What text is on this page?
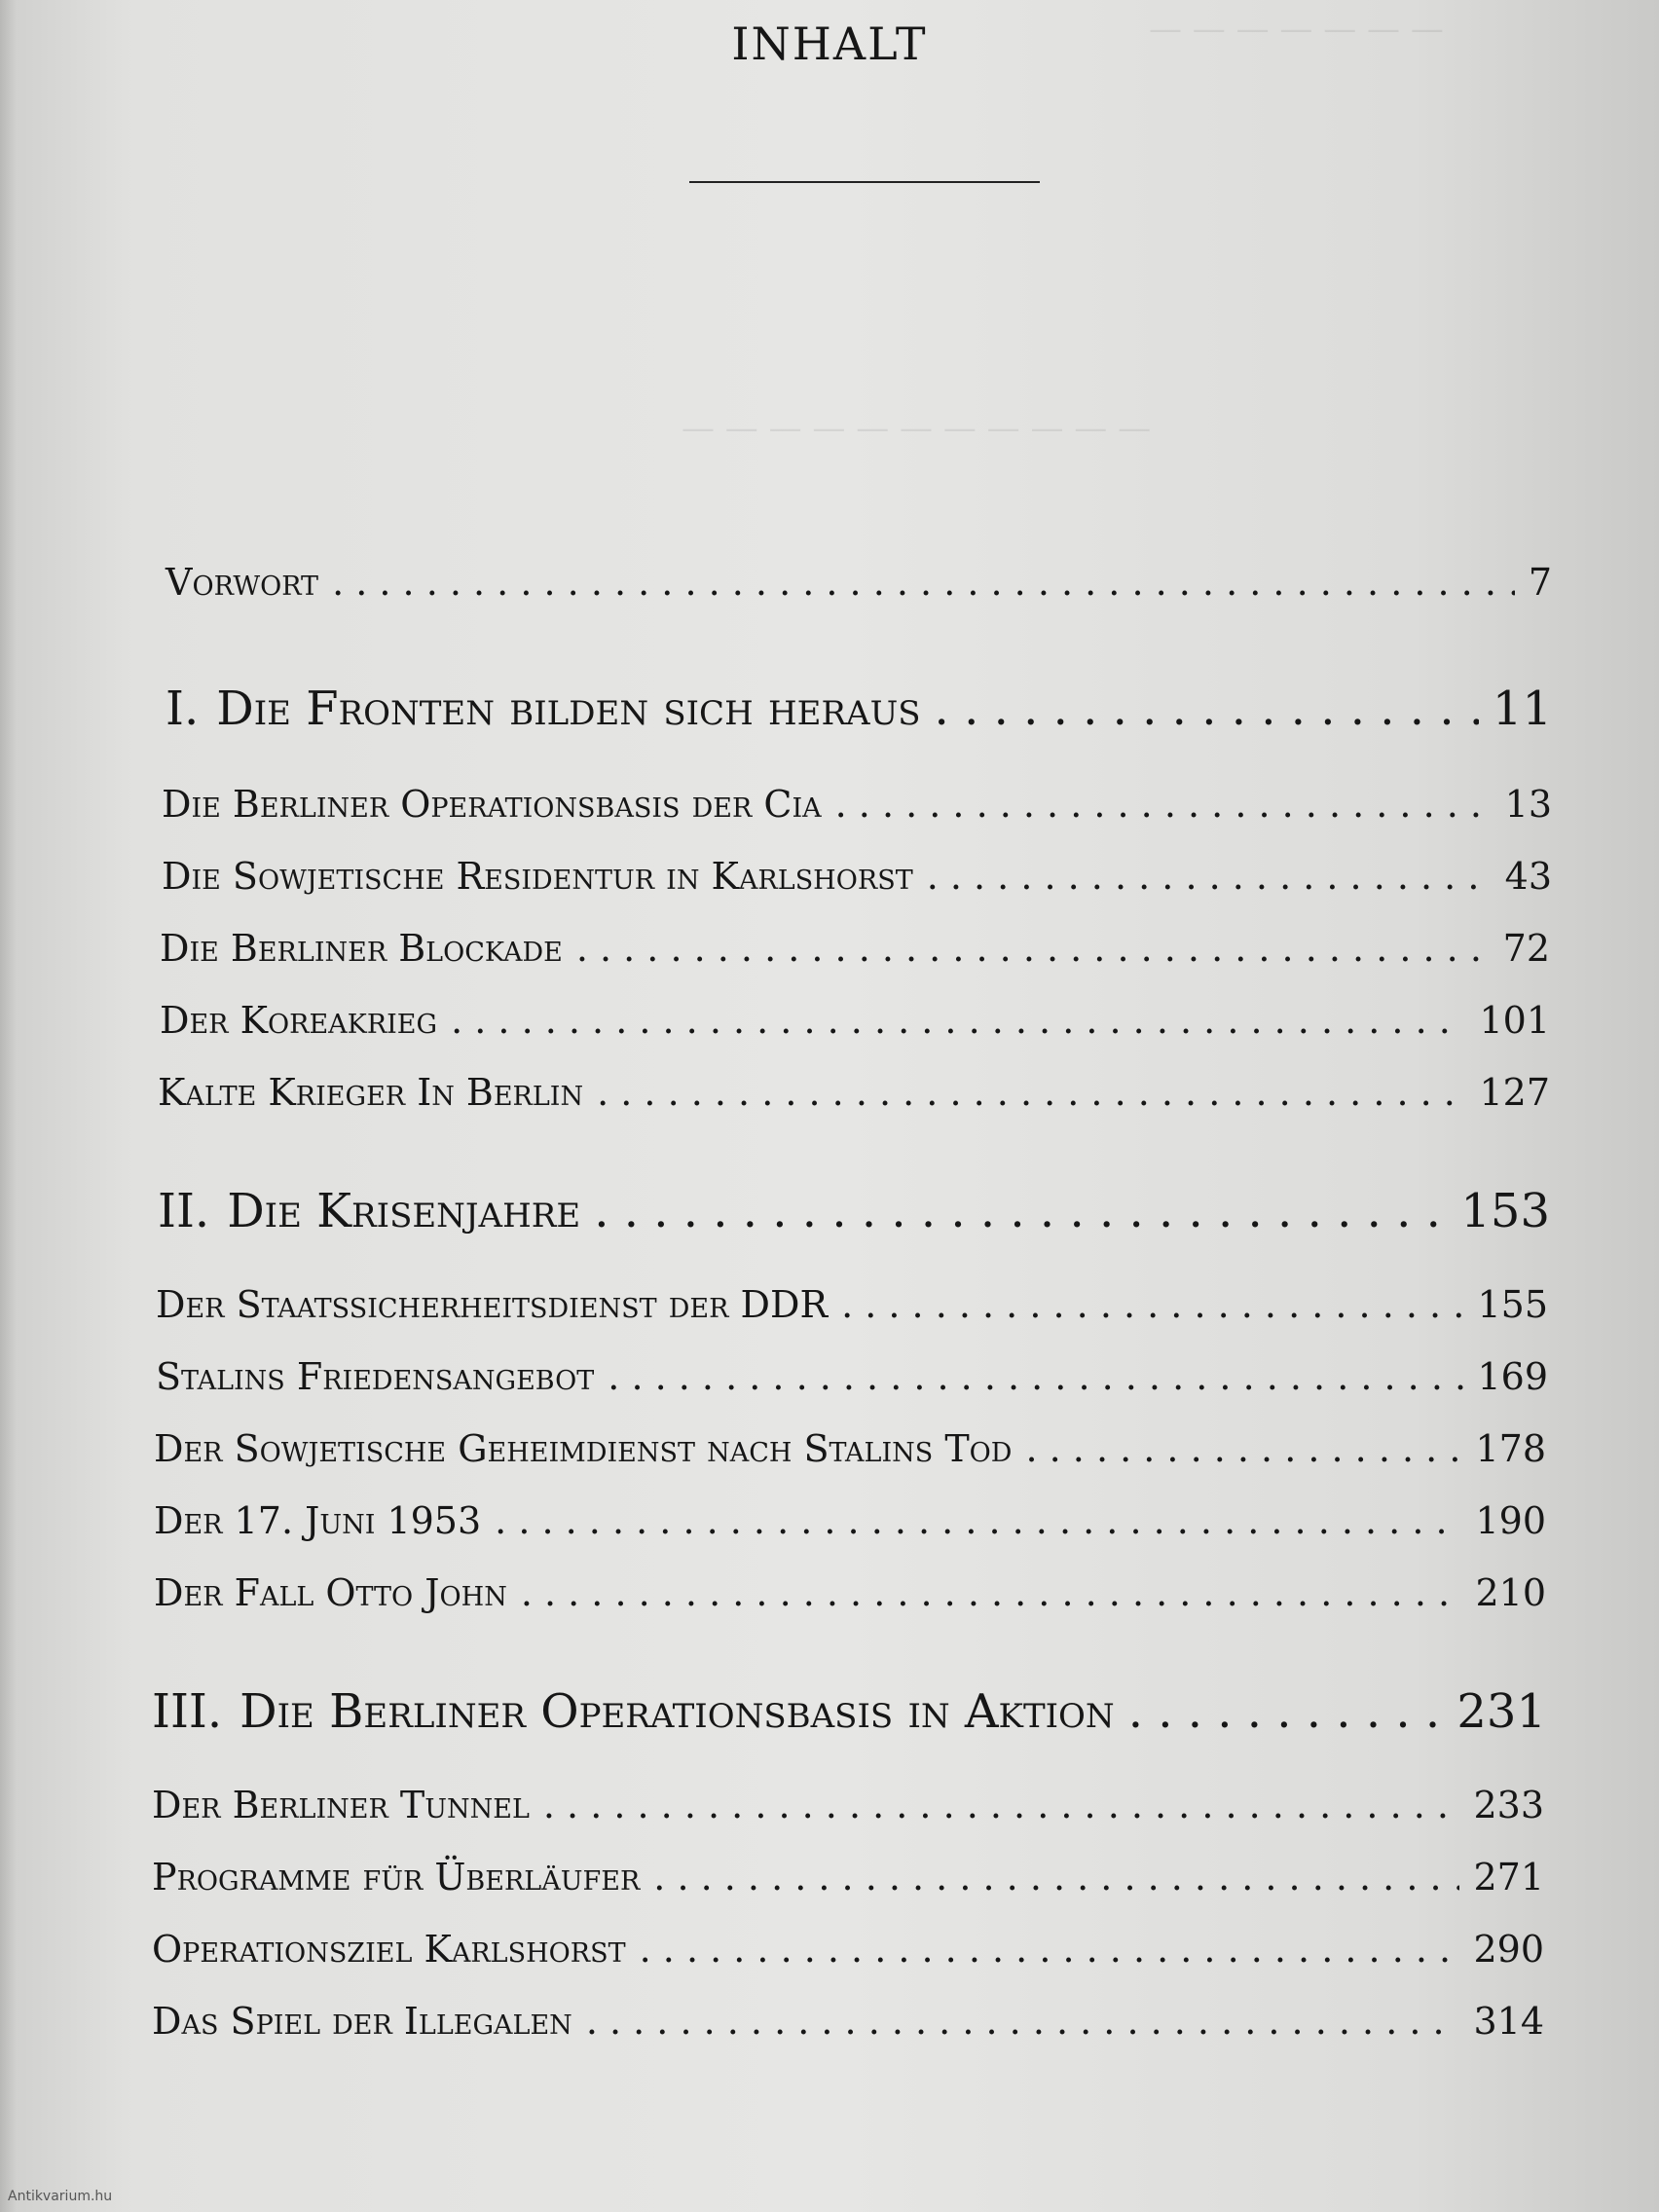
— — — — — — —
— — — — — — — — — — —
INHALT
Vorwort . . .	7
I. Die Fronten bilden sich heraus . . .	11
Die Berliner Operationsbasis der Cia . . .	13
Die Sowjetische Residentur in Karlshorst . . .	43
Die Berliner Blockade . . .	72
Der Koreakrieg . . .	101
Kalte Krieger In Berlin . . .	127
II. Die Krisenjahre . . .	153
Der Staatssicherheitsdienst der DDR . . .	155
Stalins Friedensangebot . . .	169
Der Sowjetische Geheimdienst nach Stalins Tod . . .	178
Der 17. Juni 1953 . . .	190
Der Fall Otto John . . .	210
III. Die Berliner Operationsbasis in Aktion . . .	231
Der Berliner Tunnel . . .	233
Programme für Überläufer . . .	271
Operationsziel Karlshorst . . .	290
Das Spiel der Illegalen . . .	314
Antikvarium.hu
